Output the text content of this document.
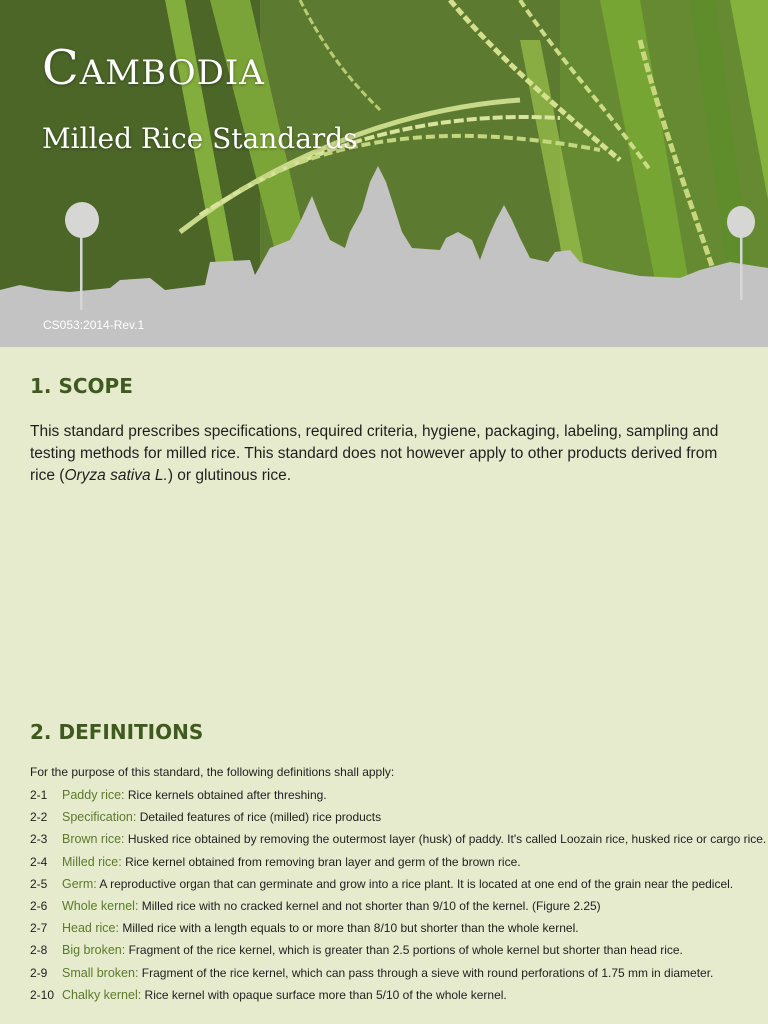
Cambodia
Milled Rice Standards
CS053:2014-Rev.1
1. SCOPE

This standard prescribes specifications, required criteria, hygiene, packaging, labeling, sampling and testing methods for milled rice. This standard does not however apply to other products derived from rice (Oryza sativa L.) or glutinous rice.

2. DEFINITIONS

For the purpose of this standard, the following definitions shall apply:

2-1 Paddy rice: Rice kernels obtained after threshing.
2-2 Specification: Detailed features of rice (milled) rice products
2-3 Brown rice: Husked rice obtained by removing the outermost layer (husk) of paddy. It's called Loozain rice, husked rice or cargo rice.
2-4 Milled rice: Rice kernel obtained from removing bran layer and germ of the brown rice.
2-5 Germ: A reproductive organ that can germinate and grow into a rice plant. It is located at one end of the grain near the pedicel.
2-6 Whole kernel: Milled rice with no cracked kernel and not shorter than 9/10 of the kernel. (Figure 2.25)
2-7 Head rice: Milled rice with a length equals to or more than 8/10 but shorter than the whole kernel.
2-8 Big broken: Fragment of the rice kernel, which is greater than 2.5 portions of whole kernel but shorter than head rice.
2-9 Small broken: Fragment of the rice kernel, which can pass through a sieve with round perforations of 1.75 mm in diameter.
2-10 Chalky kernel: Rice kernel with opaque surface more than 5/10 of the whole kernel.
